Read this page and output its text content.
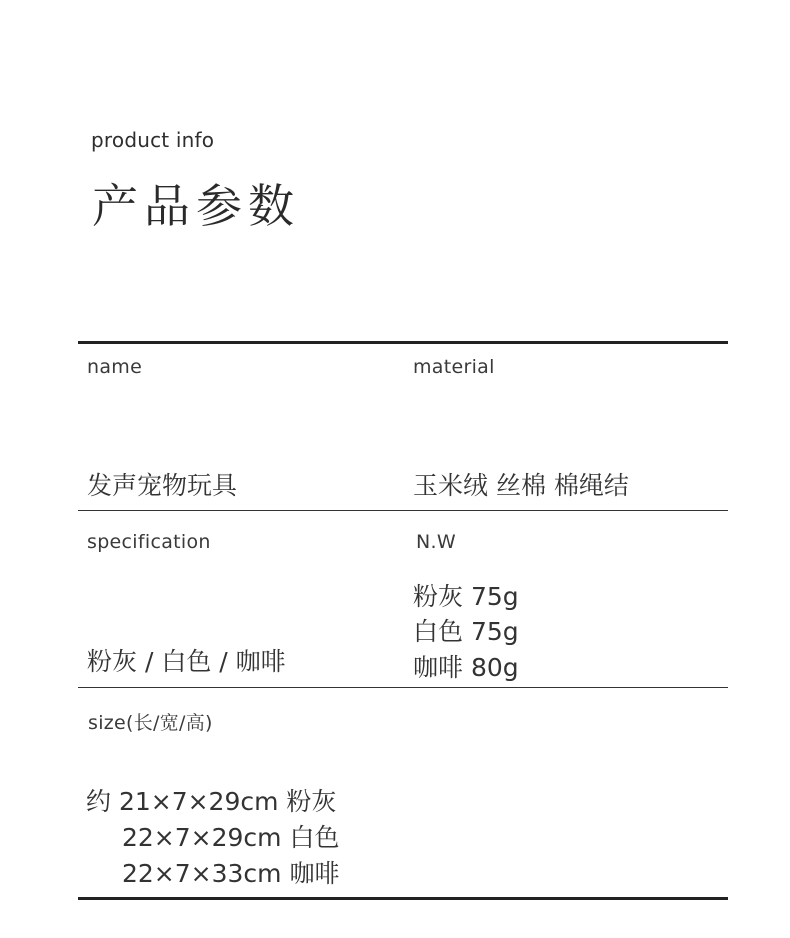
product info
产品参数
name
发声宠物玩具
material
玉米绒 丝棉 棉绳结
specification
粉灰 / 白色 / 咖啡
N.W
粉灰 75g
白色 75g
咖啡 80g
size(长/宽/高)
约 21×7×29cm 粉灰
22×7×29cm 白色
22×7×33cm 咖啡
